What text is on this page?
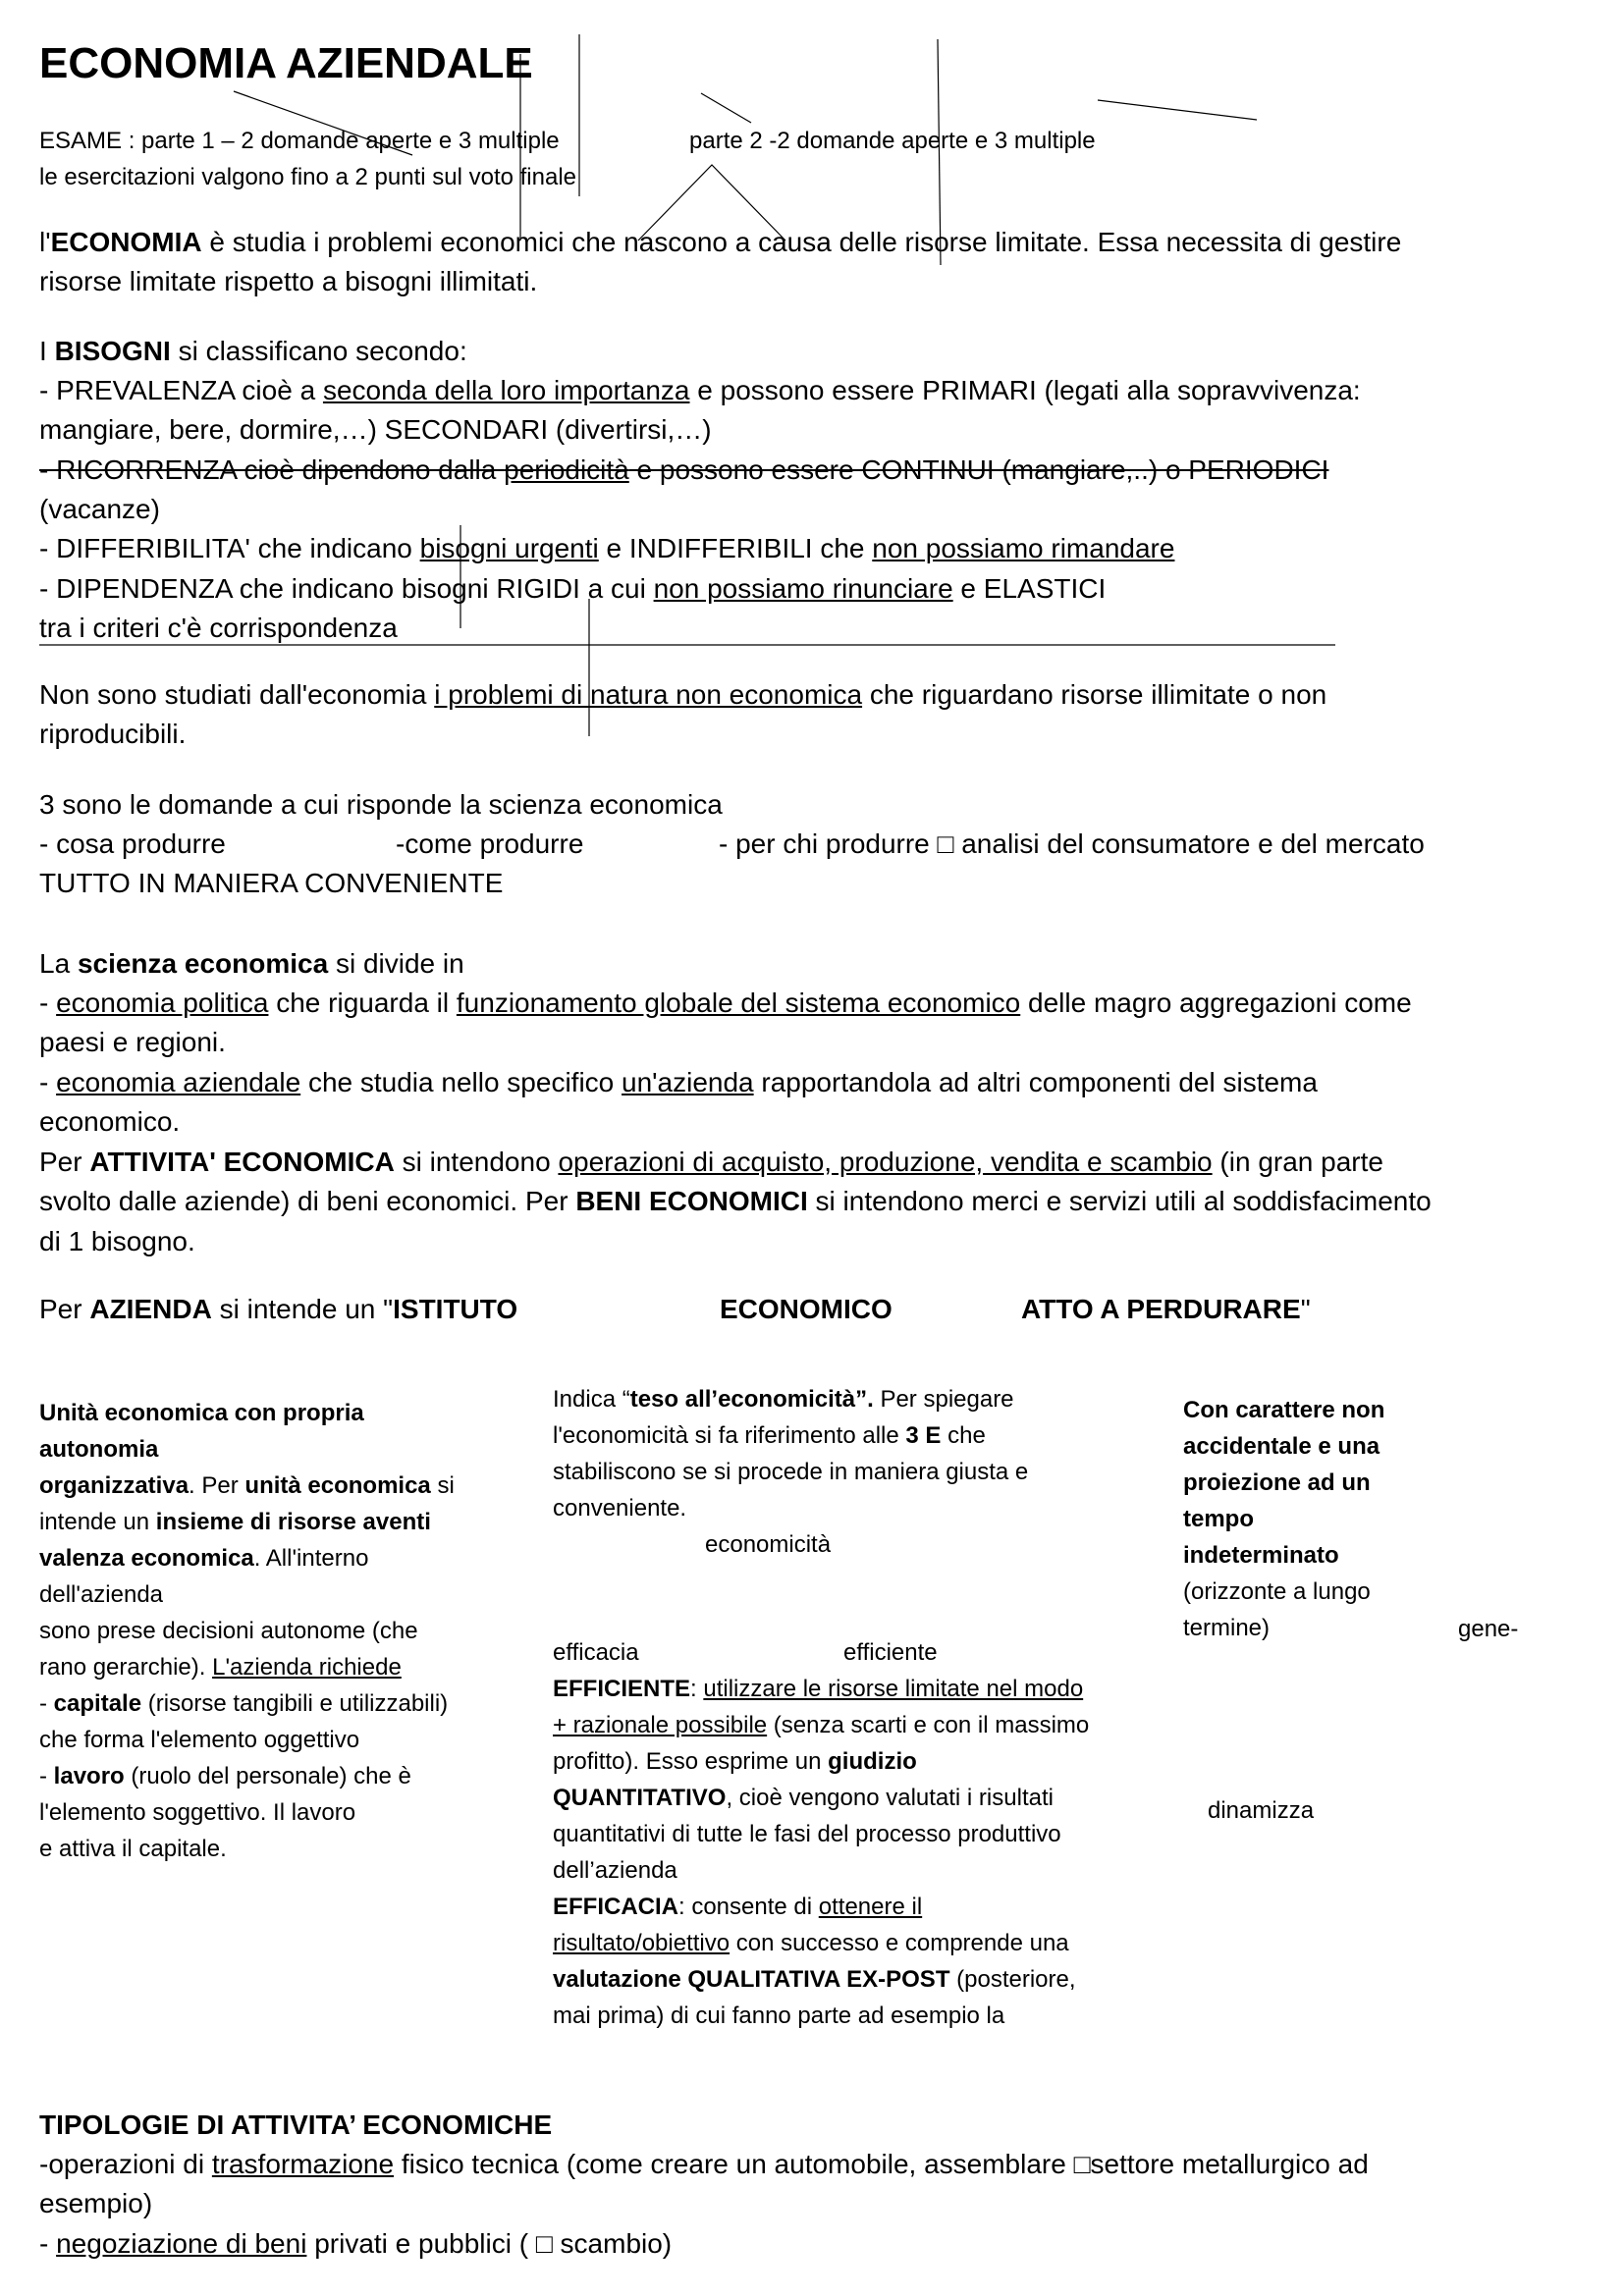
ECONOMIA AZIENDALE
ESAME : parte 1 – 2 domande aperte e 3 multiple	parte 2 -2 domande aperte e 3 multiple
le esercitazioni valgono fino a 2 punti sul voto finale
l'ECONOMIA è studia i problemi economici che nascono a causa delle risorse limitate. Essa necessita di gestire
risorse limitate rispetto a bisogni illimitati.
I BISOGNI si classificano secondo:
- PREVALENZA cioè a seconda della loro importanza e possono essere PRIMARI (legati alla sopravvivenza:
mangiare, bere, dormire,…) SECONDARI (divertirsi,…)
- RICORRENZA cioè dipendono dalla periodicità e possono essere CONTINUI (mangiare,..) o PERIODICI
(vacanze)
- DIFFERIBILITA' che indicano bisogni urgenti e INDIFFERIBILI che non possiamo rimandare
- DIPENDENZA che indicano bisogni RIGIDI a cui non possiamo rinunciare e ELASTICI
tra i criteri c'è corrispondenza
Non sono studiati dall'economia i problemi di natura non economica che riguardano risorse illimitate o non
riproducibili.
3 sono le domande a cui risponde la scienza economica
- cosa produrre	-come produrre	- per chi produrre □ analisi del consumatore e del mercato
TUTTO IN MANIERA CONVENIENTE
La scienza economica si divide in
- economia politica che riguarda il funzionamento globale del sistema economico delle magro aggregazioni come
paesi e regioni.
- economia aziendale che studia nello specifico un'azienda rapportandola ad altri componenti del sistema
economico.
Per ATTIVITA' ECONOMICA si intendono operazioni di acquisto, produzione, vendita e scambio (in gran parte
svolto dalle aziende) di beni economici. Per BENI ECONOMICI si intendono merci e servizi utili al soddisfacimento
di 1 bisogno.
Per AZIENDA si intende un "ISTITUTO	ECONOMICO	ATTO A PERDURARE"
Unità economica con propria
autonomia
organizzativa. Per unità economica si
intende un insieme di risorse aventi
valenza economica. All'interno
dell'azienda
sono prese decisioni autonome (che
rano gerarchie). L'azienda richiede
- capitale (risorse tangibili e utilizzabili)
che forma l'elemento oggettivo
- lavoro (ruolo del personale) che è
l'elemento soggettivo. Il lavoro
e attiva il capitale.
Indica “teso all’economicità”. Per spiegare
l'economicità si fa riferimento alle 3 E che
stabiliscono se si procede in maniera giusta e
conveniente.
economicità
efficacia	efficiente
EFFICIENTE: utilizzare le risorse limitate nel modo
+ razionale possibile (senza scarti e con il massimo
profitto). Esso esprime un giudizio
QUANTITATIVO, cioè vengono valutati i risultati
quantitativi di tutte le fasi del processo produttivo
dell’azienda
EFFICACIA: consente di ottenere il
risultato/obiettivo con successo e comprende una
valutazione QUALITATIVA EX-POST (posteriore,
mai prima) di cui fanno parte ad esempio la
Con carattere non
accidentale e una
proiezione ad un
tempo
indeterminato
(orizzonte a lungo
termine)	gene-
dinamizza
TIPOLOGIE DI ATTIVITA’ ECONOMICHE
-operazioni di trasformazione fisico tecnica (come creare un automobile, assemblare □settore metallurgico ad
esempio)
- negoziazione di beni privati e pubblici ( □ scambio)
